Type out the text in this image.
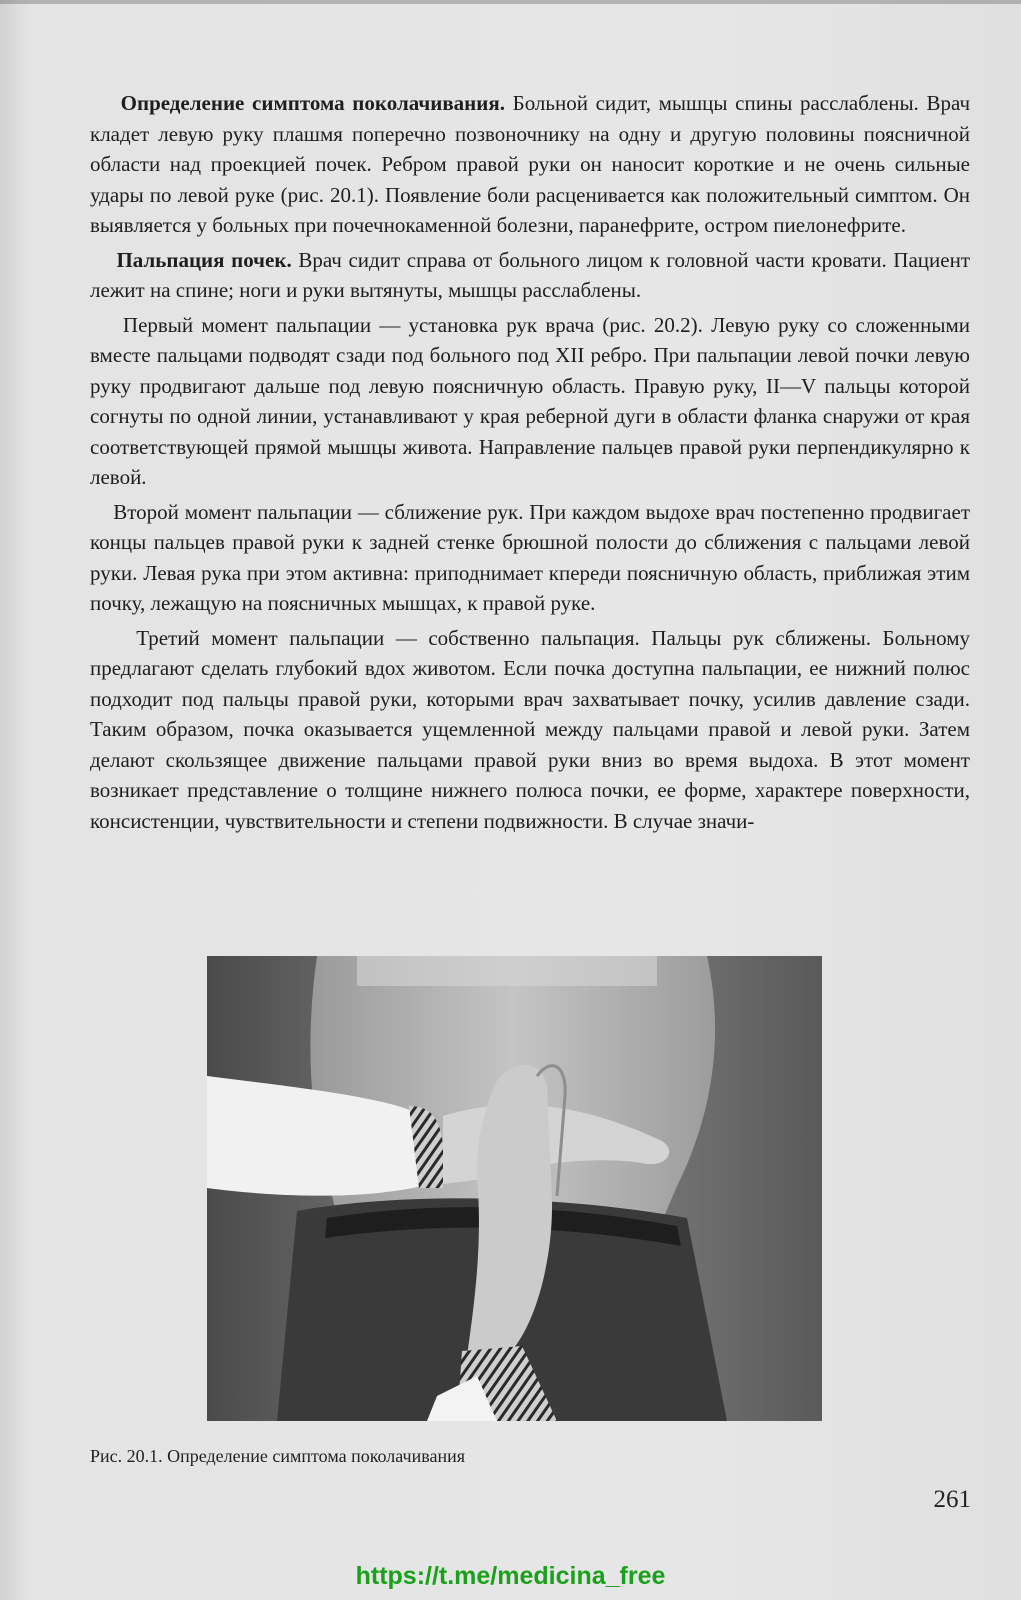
Определение симптома поколачивания. Больной сидит, мышцы спины расслаблены. Врач кладет левую руку плашмя поперечно позвоночнику на одну и другую половины поясничной области над проекцией почек. Ребром правой руки он наносит короткие и не очень сильные удары по левой руке (рис. 20.1). Появление боли расценивается как положительный симптом. Он выявляется у больных при почечнокаменной болезни, паранефрите, остром пиелонефрите.

Пальпация почек. Врач сидит справа от больного лицом к головной части кровати. Пациент лежит на спине; ноги и руки вытянуты, мышцы расслаблены.

Первый момент пальпации — установка рук врача (рис. 20.2). Левую руку со сложенными вместе пальцами подводят сзади под больного под XII ребро. При пальпации левой почки левую руку продвигают дальше под левую поясничную область. Правую руку, II—V пальцы которой согнуты по одной линии, устанавливают у края реберной дуги в области фланка снаружи от края соответствующей прямой мышцы живота. Направление пальцев правой руки перпендикулярно к левой.

Второй момент пальпации — сближение рук. При каждом выдохе врач постепенно продвигает концы пальцев правой руки к задней стенке брюшной полости до сближения с пальцами левой руки. Левая рука при этом активна: приподнимает кпереди поясничную область, приближая этим почку, лежащую на поясничных мышцах, к правой руке.

Третий момент пальпации — собственно пальпация. Пальцы рук сближены. Больному предлагают сделать глубокий вдох животом. Если почка доступна пальпации, ее нижний полюс подходит под пальцы правой руки, которыми врач захватывает почку, усилив давление сзади. Таким образом, почка оказывается ущемленной между пальцами правой и левой руки. Затем делают скользящее движение пальцами правой руки вниз во время выдоха. В этот момент возникает представление о толщине нижнего полюса почки, ее форме, характере поверхности, консистенции, чувствительности и степени подвижности. В случае значи-

Рис. 20.1. Определение симптома поколачивания
261
https://t.me/medicina_free
